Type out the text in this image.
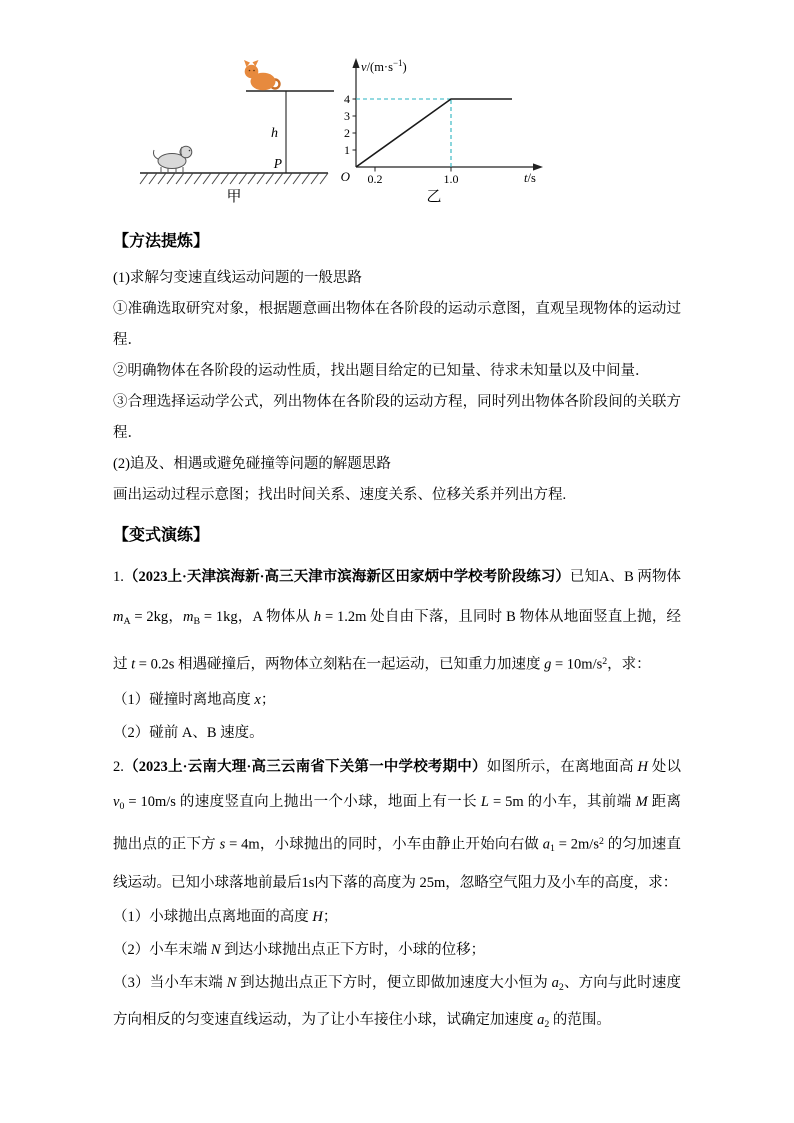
h
P
甲
4
3
2
1
0.2	1.0
O
$v/(m\cdot s^{-1})$
t/s
乙
【方法提炼】

(1)求解匀变速直线运动问题的一般思路

①准确选取研究对象，根据题意画出物体在各阶段的运动示意图，直观呈现物体的运动过程．

②明确物体在各阶段的运动性质，找出题目给定的已知量、待求未知量以及中间量．

③合理选择运动学公式，列出物体在各阶段的运动方程，同时列出物体各阶段间的关联方程．

(2)追及、相遇或避免碰撞等问题的解题思路

画出运动过程示意图；找出时间关系、速度关系、位移关系并列出方程.

【变式演练】

1.（2023上·天津滨海新·高三天津市滨海新区田家炳中学校考阶段练习）已知A、B 两物体mA = 2kg，mB = 1kg，A 物体从 h = 1.2m 处自由下落，且同时 B 物体从地面竖直上抛，经过 t = 0.2s 相遇碰撞后，两物体立刻粘在一起运动，已知重力加速度 $g = 10m/s^2$，求：

（1）碰撞时离地高度 x；

（2）碰前 A、B 速度。

2.（2023上·云南大理·高三云南省下关第一中学校考期中）如图所示，在离地面高 H 处以 v0 = 10m/s 的速度竖直向上抛出一个小球，地面上有一长 L = 5m 的小车，其前端 M 距离抛出点的正下方 s = 4m，小球抛出的同时，小车由静止开始向右做 $a1 = 2m/s^2$ 的匀加速直线运动。已知小球落地前最后1s内下落的高度为 25m，忽略空气阻力及小车的高度，求：

（1）小球抛出点离地面的高度 H；

（2）小车末端 N 到达小球抛出点正下方时，小球的位移；

（3）当小车末端 N 到达抛出点正下方时，便立即做加速度大小恒为 a2、方向与此时速度方向相反的匀变速直线运动，为了让小车接住小球，试确定加速度 a2 的范围。
